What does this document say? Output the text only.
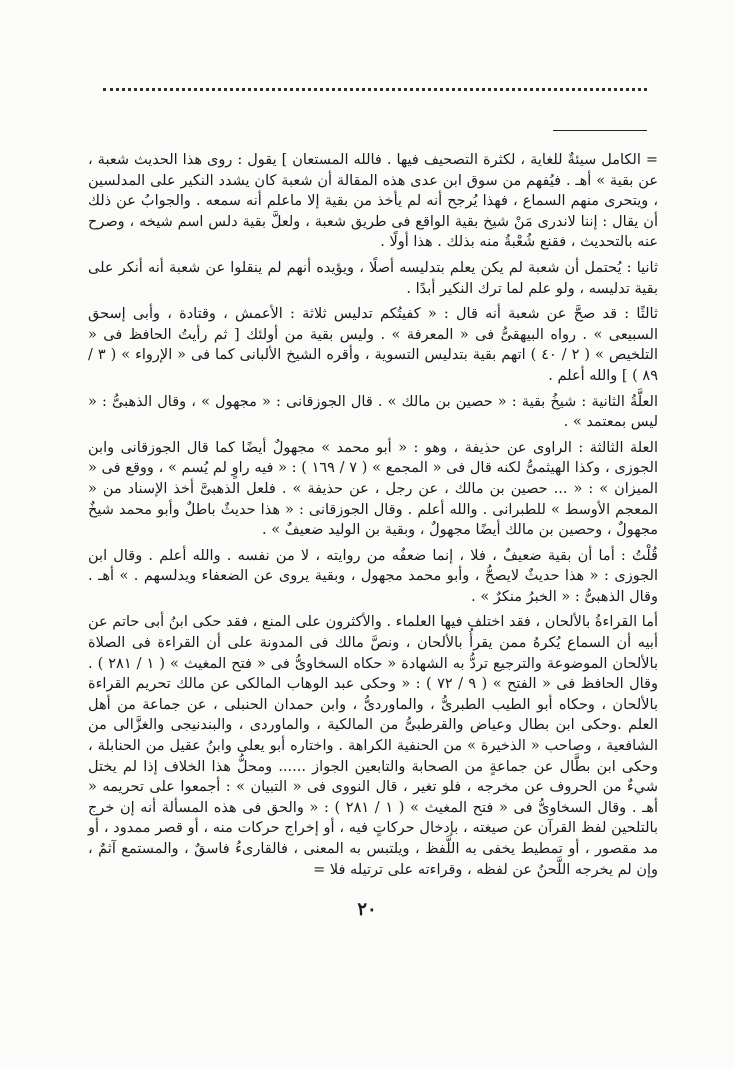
= الكامل سيئةٌ للغاية ، لكثرة التصحيف فيها . فالله المستعان ] يقول : روى هذا الحديث شعبة ، عن بقية » أهـ . فيُفهم من سوق ابن عدى هذه المقالة أن شعبة كان يشدد النكير على المدلسين ، ويتحرى منهم السماع ، فهذا يُرجح أنه لم يأخذ من بقية إلا ماعلم أنه سمعه . والجوابُ عن ذلك أن يقال : إننا لاندرى مَنْ شيخ بقية الواقع فى طريق شعبة ، ولعلَّ بقية دلس اسم شيخه ، وصرح عنه بالتحديث ، فقنع شُعْبةُ منه بذلك . هذا أولًا .

ثانيا : يُحتمل أن شعبة لم يكن يعلم بتدليسه أصلًا ، ويؤيده أنهم لم ينقلوا عن شعبة أنه أنكر على بقية تدليسه ، ولو علم لما ترك النكير أبدًا .

ثالثًا : قد صحَّ عن شعبة أنه قال : « كفيتُكم تدليس ثلاثة : الأعمش ، وقتادة ، وأبى إسحق السبيعى » . رواه البيهقىُّ فى « المعرفة » . وليس بقية من أولئك [ ثم رأيتُ الحافظ فى « التلخيص » ( ٢ / ٤٠ ) اتهم بقية بتدليس التسوية ، وأقره الشيخ الألبانى كما فى « الإرواء » ( ٣ / ٨٩ ) ] والله أعلم .

العلَّةُ الثانية : شيخُ بقية : « حصين بن مالك » . قال الجوزقانى : « مجهول » ، وقال الذهبىُّ : « ليس بمعتمد » .

العلة الثالثة : الراوى عن حذيفة ، وهو : « أبو محمد » مجهولٌ أيضًا كما قال الجوزقانى وابن الجوزى ، وكذا الهيثمىُّ لكنه قال فى « المجمع » ( ٧ / ١٦٩ ) : « فيه راوٍ لم يُسم » ، ووقع فى « الميزان » : « ... حصين بن مالك ، عن رجل ، عن حذيفة » . فلعل الذهبىَّ أخذ الإسناد من « المعجم الأوسط » للطبرانى . والله أعلم . وقال الجوزقانى : « هذا حديثٌ باطلٌ وأبو محمد شيخٌ مجهولٌ ، وحصين بن مالك أيضًا مجهولٌ ، وبقية بن الوليد ضعيفٌ » .

قُلْتُ : أما أن بقية ضعيفٌ ، فلا ، إنما ضعفُه من روايته ، لا من نفسه . والله أعلم . وقال ابن الجوزى : « هذا حديثٌ لايصحُّ ، وأبو محمد مجهول ، وبقية يروى عن الضعفاء ويدلسهم . » أهـ . وقال الذهبىُّ : « الخبرُ منكرٌ » .

أما القراءةُ بالألحان ، فقد اختلف فيها العلماء . والأكثرون على المنع ، فقد حكى ابنُ أبى حاتم عن أبيه أن السماع يُكرهُ ممن يقرأُ بالألحان ، ونصَّ مالك فى المدونة على أن القراءة فى الصلاة بالألحان الموضوعة والترجيع تردُّ به الشهادة « حكاه السخاوىُّ فى « فتح المغيث » ( ١ / ٢٨١ ) . وقال الحافظ فى « الفتح » ( ٩ / ٧٢ ) : « وحكى عبد الوهاب المالكى عن مالك تحريم القراءة بالألحان ، وحكاه أبو الطيب الطبرىُّ ، والماوردىُّ ، وابن حمدان الحنبلى ، عن جماعة من أهل العلم .وحكى ابن بطال وعياض والقرطبىُّ من المالكية ، والماوردى ، والبندنيجى والغزَّالى من الشافعية ، وصاحب « الذخيرة » من الحنفية الكراهة . واختاره أبو يعلى وابنُ عقيل من الحنابلة ، وحكى ابن بطَّال عن جماعةٍ من الصحابة والتابعين الجواز ...... ومحلُّ هذا الخلاف إذا لم يختل شيءٌ من الحروف عن مخرجه ، فلو تغير ، قال النووى فى « التبيان » : أجمعوا على تحريمه « أهـ . وقال السخاوىُّ فى « فتح المغيث » ( ١ / ٢٨١ ) : « والحق فى هذه المسألة أنه إن خرج بالتلحين لفظ القرآن عن صيغته ، بإدخال حركاتٍ فيه ، أو إخراج حركات منه ، أو قصر ممدود ، أو مد مقصور ، أو تمطيط يخفى به اللَّفظ ، ويلتبس به المعنى ، فالقارىءُ فاسقٌ ، والمستمع آثمٌ ، وإن لم يخرجه اللَّحنُ عن لفظه ، وقراءته على ترتيله فلا =

٢٠
